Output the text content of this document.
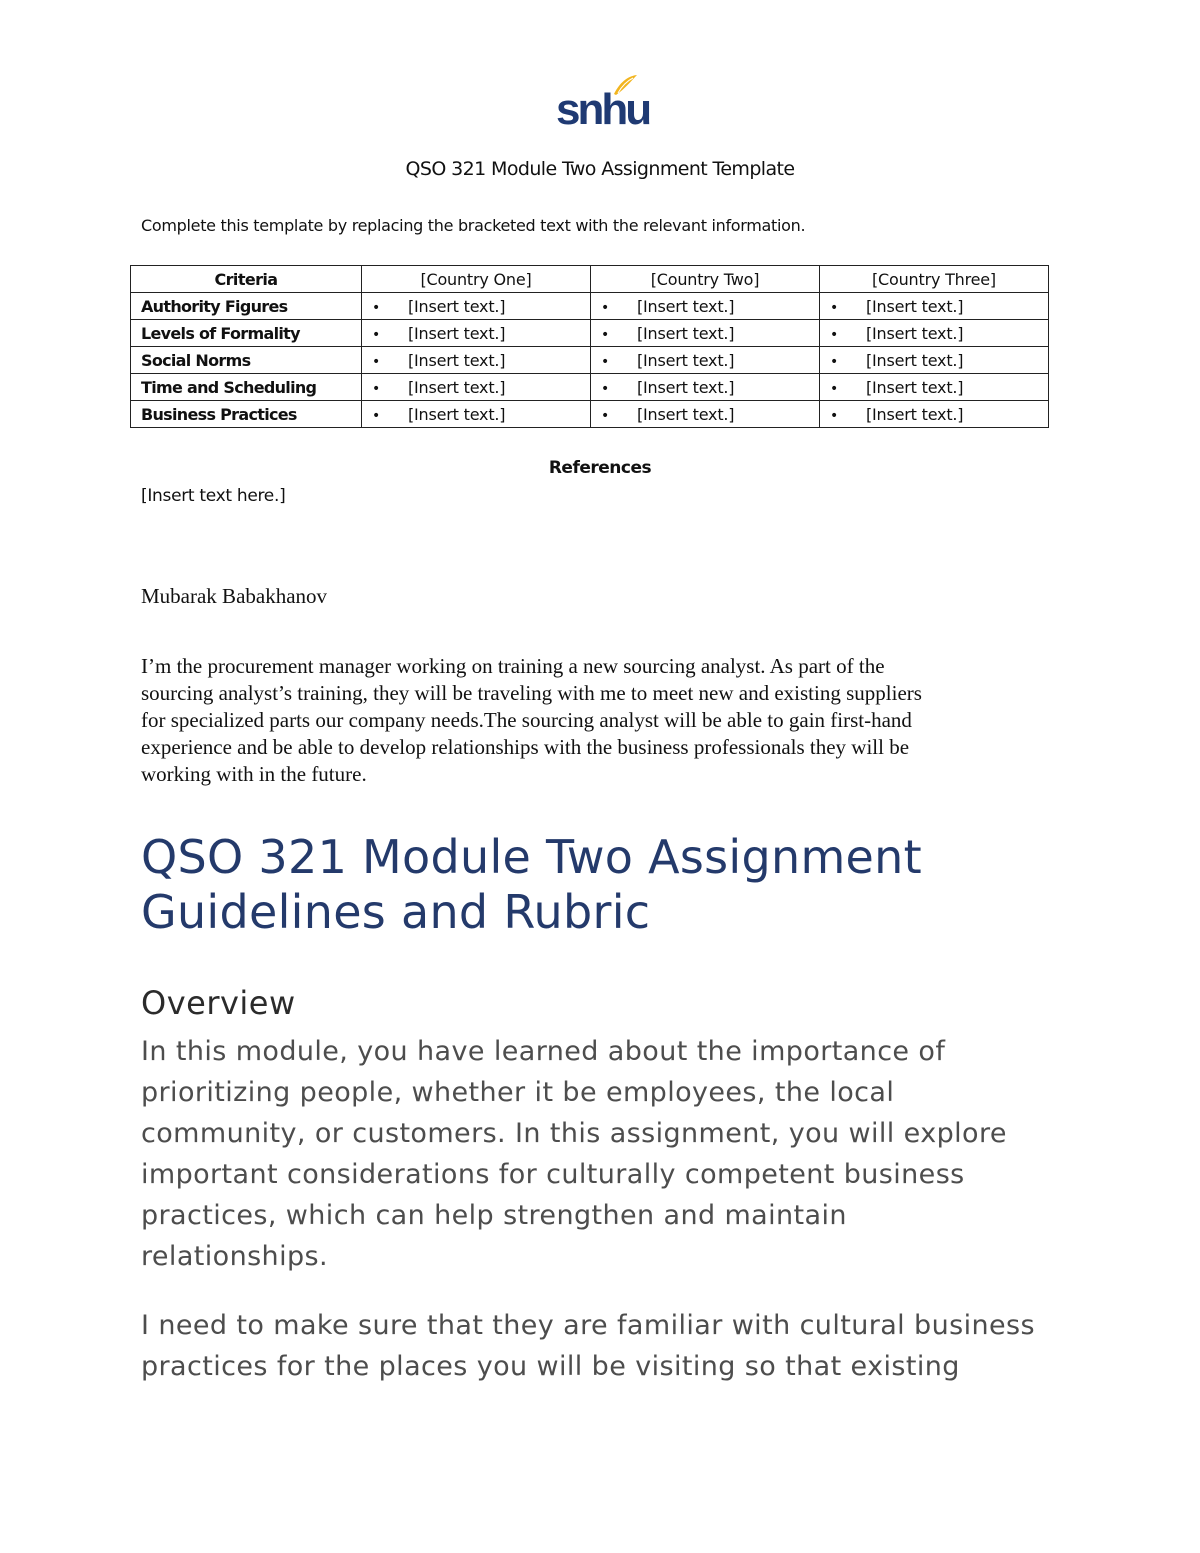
snhu
QSO 321 Module Two Assignment Template
Complete this template by replacing the bracketed text with the relevant information.
Criteria	[Country One]	[Country Two]	[Country Three]
Authority Figures	• [Insert text.]	• [Insert text.]	• [Insert text.]
Levels of Formality	• [Insert text.]	• [Insert text.]	• [Insert text.]
Social Norms	• [Insert text.]	• [Insert text.]	• [Insert text.]
Time and Scheduling	• [Insert text.]	• [Insert text.]	• [Insert text.]
Business Practices	• [Insert text.]	• [Insert text.]	• [Insert text.]
References
[Insert text here.]
Mubarak Babakhanov
I’m the procurement manager working on training a new sourcing analyst. As part of the
sourcing analyst’s training, they will be traveling with me to meet new and existing suppliers
for specialized parts our company needs.The sourcing analyst will be able to gain first-hand
experience and be able to develop relationships with the business professionals they will be
working with in the future.
QSO 321 Module Two Assignment
Guidelines and Rubric
Overview
In this module, you have learned about the importance of
prioritizing people, whether it be employees, the local
community, or customers. In this assignment, you will explore
important considerations for culturally competent business
practices, which can help strengthen and maintain
relationships.
I need to make sure that they are familiar with cultural business
practices for the places you will be visiting so that existing
